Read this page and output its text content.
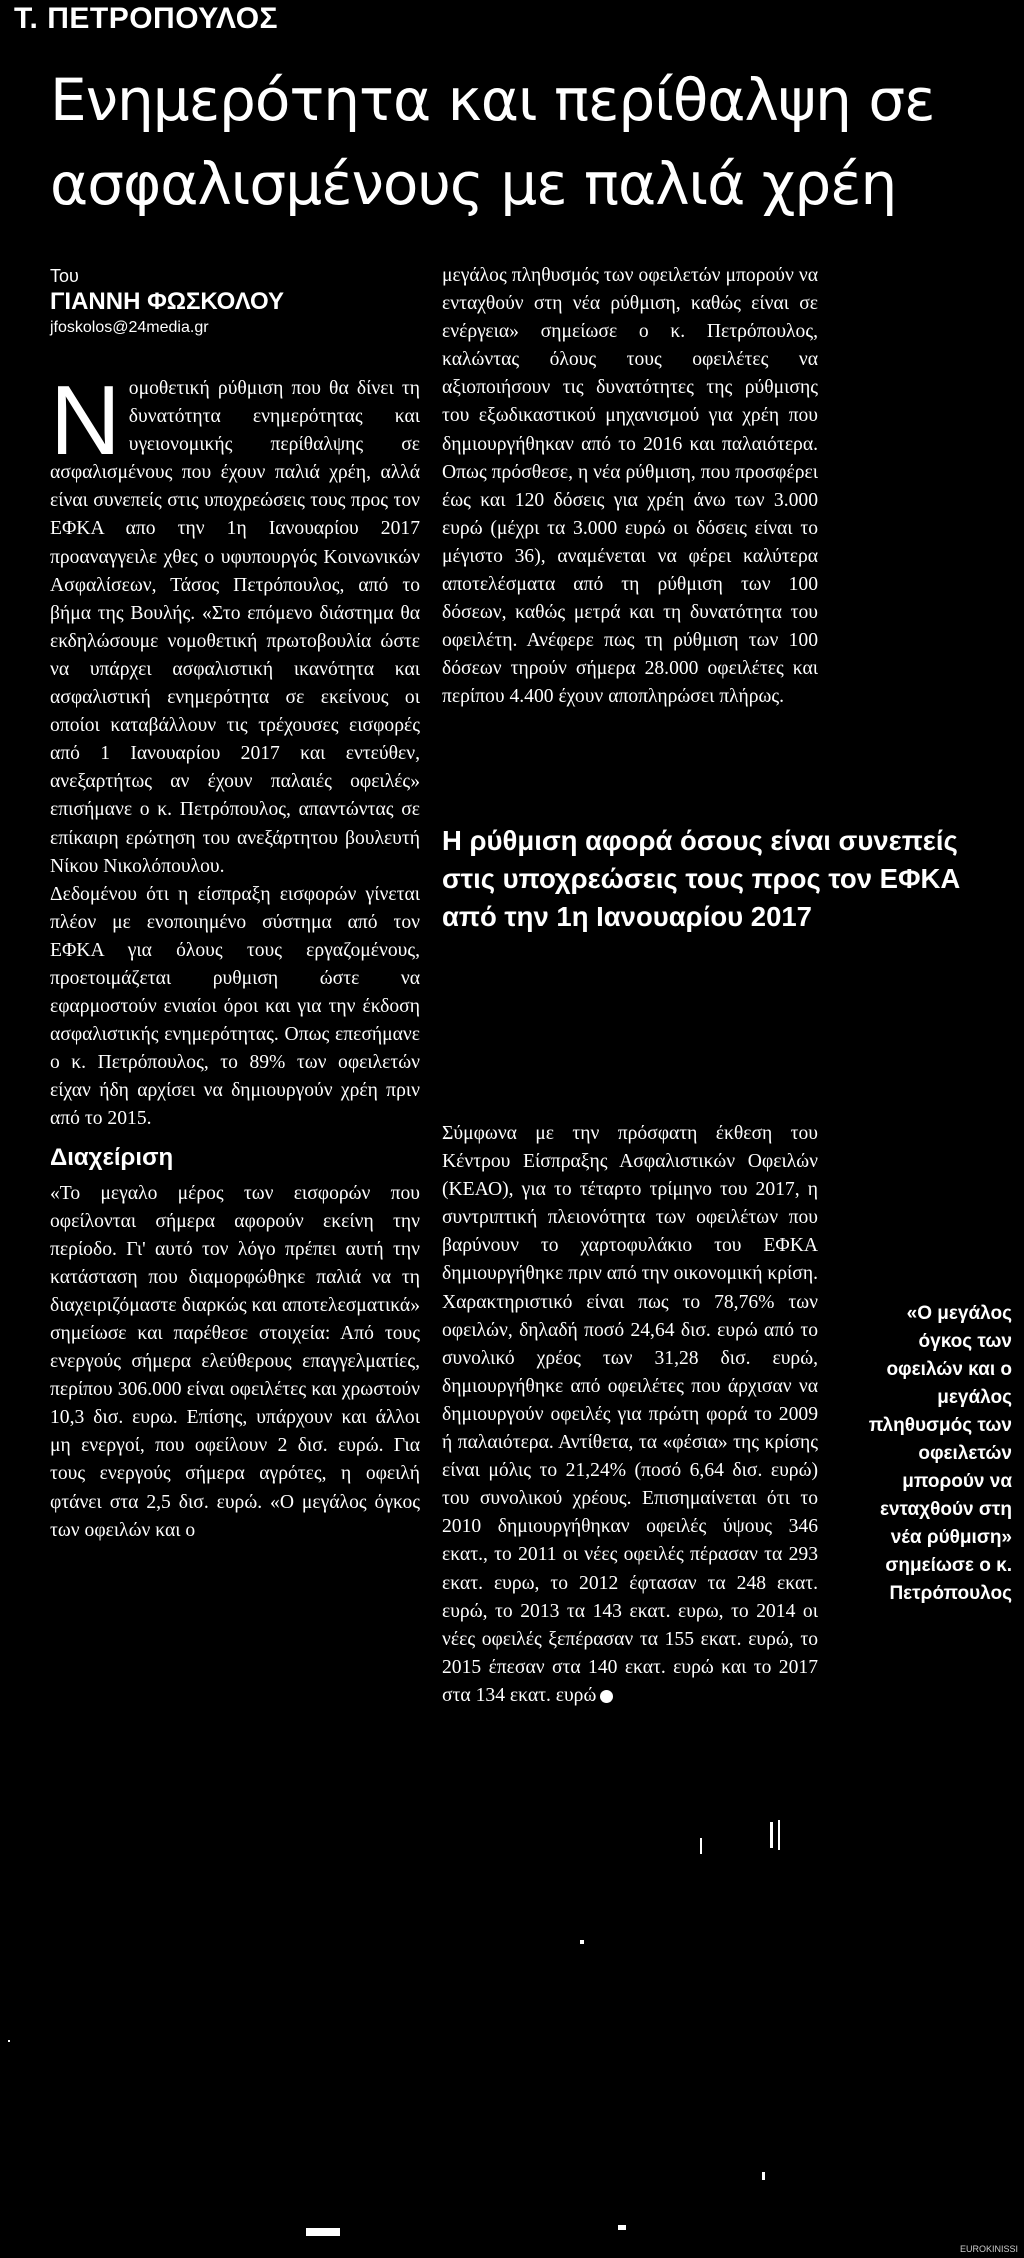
Τ. ΠΕΤΡΟΠΟΥΛΟΣ
Ενημερότητα και περίθαλψη σε ασφαλισμένους με παλιά χρέη
Του
ΓΙΑΝΝΗ ΦΩΣΚΟΛΟΥ
jfoskolos@24media.gr

Νομοθετική ρύθμιση που θα δίνει τη δυνατότητα ενημερότητας και υγειονομικής περίθαλψης σε ασφαλισμένους που έχουν παλιά χρέη, αλλά είναι συνεπείς στις υποχρεώσεις τους προς τον ΕΦΚΑ απο την 1η Ιανουαρίου 2017 προαναγγειλε χθες ο υφυπουργός Κοινωνικών Ασφαλίσεων, Τάσος Πετρόπουλος, από το βήμα της Βουλής. «Στο επόμενο διάστημα θα εκδηλώσουμε νομοθετική πρωτοβουλία ώστε να υπάρχει ασφαλιστική ικανότητα και ασφαλιστική ενημερότητα σε εκείνους οι οποίοι καταβάλλουν τις τρέχουσες εισφορές από 1 Ιανουαρίου 2017 και εντεύθεν, ανεξαρτήτως αν έχουν παλαιές οφειλές» επισήμανε ο κ. Πετρόπουλος, απαντώντας σε επίκαιρη ερώτηση του ανεξάρτητου βουλευτή Νίκου Νικολόπουλου.

Δεδομένου ότι η είσπραξη εισφορών γίνεται πλέον με ενοποιημένο σύστημα από τον ΕΦΚΑ για όλους τους εργαζομένους, προετοιμάζεται ρυθμιση ώστε να εφαρμοστούν ενιαίοι όροι και για την έκδοση ασφαλιστικής ενημερότητας. Οπως επεσήμανε ο κ. Πετρόπουλος, το 89% των οφειλετών είχαν ήδη αρχίσει να δημιουργούν χρέη πριν από το 2015.

Διαχείριση

«Το μεγαλο μέρος των εισφορών που οφείλονται σήμερα αφορούν εκείνη την περίοδο. Γι' αυτό τον λόγο πρέπει αυτή την κατάσταση που διαμορφώθηκε παλιά να τη διαχειριζόμαστε διαρκώς και αποτελεσματικά» σημείωσε και παρέθεσε στοιχεία: Από τους ενεργούς σήμερα ελεύθερους επαγγελματίες, περίπου 306.000 είναι οφειλέτες και χρωστούν 10,3 δισ. ευρω. Επίσης, υπάρχουν και άλλοι μη ενεργοί, που οφείλουν 2 δισ. ευρώ. Για τους ενεργούς σήμερα αγρότες, η οφειλή φτάνει στα 2,5 δισ. ευρώ. «Ο μεγάλος όγκος των οφειλών και ο

μεγάλος πληθυσμός των οφειλετών μπορούν να ενταχθούν στη νέα ρύθμιση, καθώς είναι σε ενέργεια» σημείωσε ο κ. Πετρόπουλος, καλώντας όλους τους οφειλέτες να αξιοποιήσουν τις δυνατότητες της ρύθμισης του εξωδικαστικού μηχανισμού για χρέη που δημιουργήθηκαν από το 2016 και παλαιότερα. Οπως πρόσθεσε, η νέα ρύθμιση, που προσφέρει έως και 120 δόσεις για χρέη άνω των 3.000 ευρώ (μέχρι τα 3.000 ευρώ οι δόσεις είναι το μέγιστο 36), αναμένεται να φέρει καλύτερα αποτελέσματα από τη ρύθμιση των 100 δόσεων, καθώς μετρά και τη δυνατότητα του οφειλέτη. Ανέφερε πως τη ρύθμιση των 100 δόσεων τηρούν σήμερα 28.000 οφειλέτες και περίπου 4.400 έχουν αποπληρώσει πλήρως.

Η ρύθμιση αφορά όσους είναι συνεπείς στις υποχρεώσεις τους προς τον ΕΦΚΑ από την 1η Ιανουαρίου 2017

Σύμφωνα με την πρόσφατη έκθεση του Κέντρου Είσπραξης Ασφαλιστικών Οφειλών (ΚΕΑΟ), για το τέταρτο τρίμηνο του 2017, η συντριπτική πλειονότητα των οφειλέτων που βαρύνουν το χαρτοφυλάκιο του ΕΦΚΑ δημιουργήθηκε πριν από την οικονομική κρίση. Χαρακτηριστικό είναι πως το 78,76% των οφειλών, δηλαδή ποσό 24,64 δισ. ευρώ από το συνολικό χρέος των 31,28 δισ. ευρώ, δημιουργήθηκε από οφειλέτες που άρχισαν να δημιουργούν οφειλές για πρώτη φορά το 2009 ή παλαιότερα. Αντίθετα, τα «φέσια» της κρίσης είναι μόλις το 21,24% (ποσό 6,64 δισ. ευρώ) του συνολικού χρέους. Επισημαίνεται ότι το 2010 δημιουργήθηκαν οφειλές ύψους 346 εκατ., το 2011 οι νέες οφειλές πέρασαν τα 293 εκατ. ευρω, το 2012 έφτασαν τα 248 εκατ. ευρώ, το 2013 τα 143 εκατ. ευρω, το 2014 οι νέες οφειλές ξεπέρασαν τα 155 εκατ. ευρώ, το 2015 έπεσαν στα 140 εκατ. ευρώ και το 2017 στα 134 εκατ. ευρώ

«Ο μεγάλος όγκος των οφειλών και ο μεγάλος πληθυσμός των οφειλετών μπορούν να ενταχθούν στη νέα ρύθμιση» σημείωσε ο κ. Πετρόπουλος
EUROKINISSI
